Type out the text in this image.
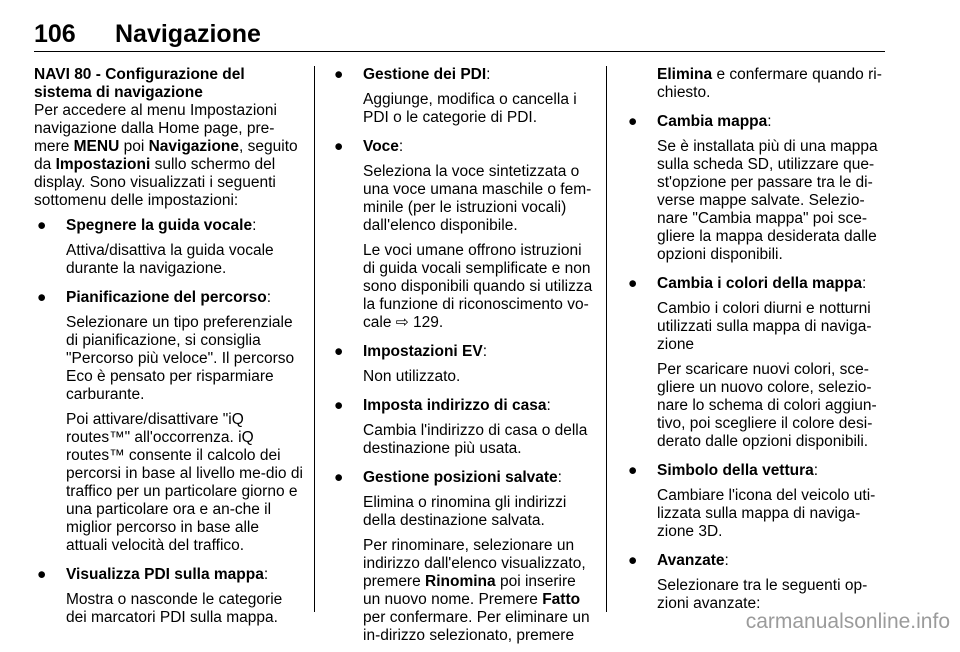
106 Navigazione

NAVI 80 - Configurazione del sistema di navigazione

Per accedere al menu Impostazioni navigazione dalla Home page, pre-mere MENU poi Navigazione, seguito da Impostazioni sullo schermo del display. Sono visualizzati i seguenti sottomenu delle impostazioni:

● Spegnere la guida vocale:

Attiva/disattiva la guida vocale durante la navigazione.

● Pianificazione del percorso:

Selezionare un tipo preferenziale di pianificazione, si consiglia "Percorso più veloce". Il percorso Eco è pensato per risparmiare carburante.

Poi attivare/disattivare "iQ routes™" all'occorrenza. iQ routes™ consente il calcolo dei percorsi in base al livello me-dio di traffico per un particolare giorno e una particolare ora e an-che il miglior percorso in base alle attuali velocità del traffico.

● Visualizza PDI sulla mappa:

Mostra o nasconde le categorie dei marcatori PDI sulla mappa.

● Gestione dei PDI:

Aggiunge, modifica o cancella i PDI o le categorie di PDI.

● Voce:

Seleziona la voce sintetizzata o una voce umana maschile o fem-minile (per le istruzioni vocali) dall'elenco disponibile.

Le voci umane offrono istruzioni di guida vocali semplificate e non sono disponibili quando si utilizza la funzione di riconoscimento vo-cale ⇨ 129.

● Impostazioni EV:

Non utilizzato.

● Imposta indirizzo di casa:

Cambia l'indirizzo di casa o della destinazione più usata.

● Gestione posizioni salvate:

Elimina o rinomina gli indirizzi della destinazione salvata.

Per rinominare, selezionare un indirizzo dall'elenco visualizzato, premere Rinomina poi inserire un nuovo nome. Premere Fatto per confermare. Per eliminare un in-dirizzo selezionato, premere

Elimina e confermare quando ri-chiesto.

● Cambia mappa:

Se è installata più di una mappa sulla scheda SD, utilizzare que-st'opzione per passare tra le di-verse mappe salvate. Selezio-nare "Cambia mappa" poi sce-gliere la mappa desiderata dalle opzioni disponibili.

● Cambia i colori della mappa:

Cambio i colori diurni e notturni utilizzati sulla mappa di naviga-zione

Per scaricare nuovi colori, sce-gliere un nuovo colore, selezio-nare lo schema di colori aggiun-tivo, poi scegliere il colore desi-derato dalle opzioni disponibili.

● Simbolo della vettura:

Cambiare l'icona del veicolo uti-lizzata sulla mappa di naviga-zione 3D.

● Avanzate:

Selezionare tra le seguenti op-zioni avanzate:

carmanualsonline.info
